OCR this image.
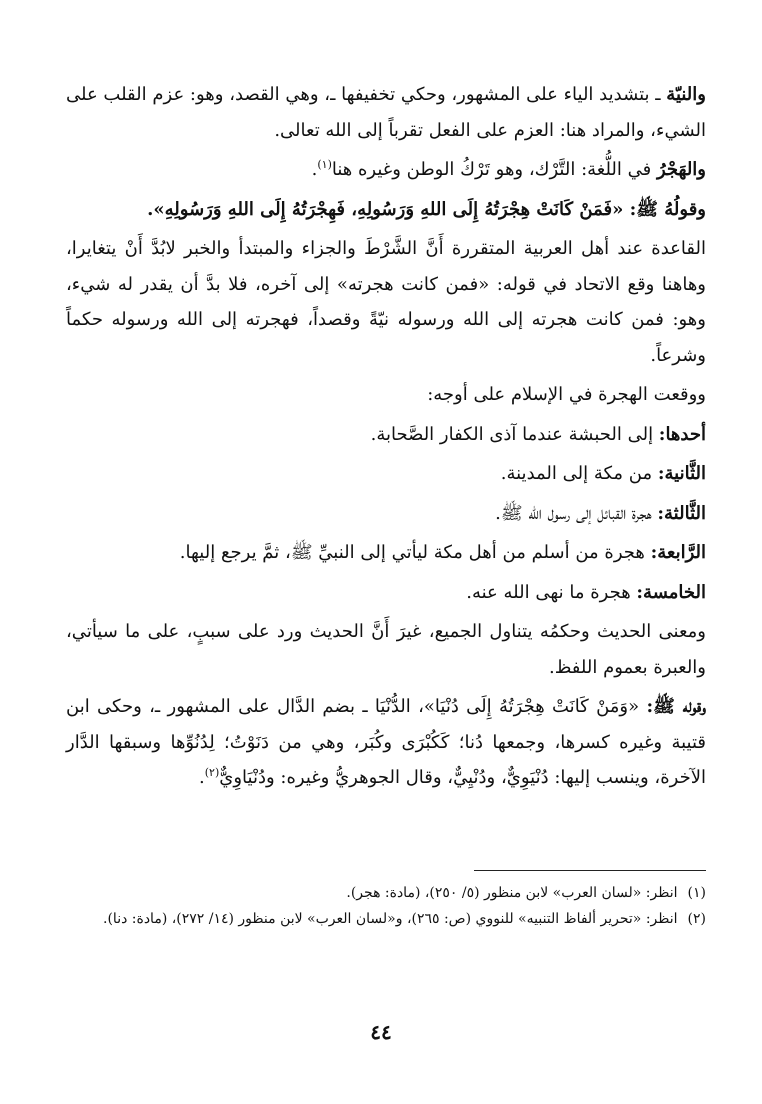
والنيّة ـ بتشديد الياء على المشهور، وحكي تخفيفها ـ، وهي القصد، وهو: عزم القلب على الشيء، والمراد هنا: العزم على الفعل تقرباً إلى الله تعالى.

والهَجْرُ في اللُّغة: التَّرْك، وهو تَرْكُ الوطن وغيره هنا$^{(١)}$.

وقولُهُ ﷺ: «فَمَنْ كَانَتْ هِجْرَتُهُ إِلَى اللهِ وَرَسُولِهِ، فَهِجْرَتُهُ إِلَى اللهِ وَرَسُولِهِ».

القاعدة عند أهل العربية المتقررة أَنَّ الشَّرْطَ والجزاء والمبتدأ والخبر لابُدَّ أَنْ يتغايرا، وهاهنا وقع الاتحاد في قوله: «فمن كانت هجرته» إلى آخره، فلا بدَّ أن يقدر له شيء، وهو: فمن كانت هجرته إلى الله ورسوله نيّةً وقصداً، فهجرته إلى الله ورسوله حكماً وشرعاً.

ووقعت الهجرة في الإسلام على أوجه:

أحدها: إلى الحبشة عندما آذى الكفار الصَّحابة.

الثَّانية: من مكة إلى المدينة.

الثَّالثة: هجرة القبائل إلى رسول الله ﷺ.

الرَّابعة: هجرة من أسلم من أهل مكة ليأتي إلى النبيِّ ﷺ، ثمَّ يرجع إليها.

الخامسة: هجرة ما نهى الله عنه.

ومعنى الحديث وحكمُه يتناول الجميع، غيرَ أَنَّ الحديث ورد على سببٍ، على ما سيأتي، والعبرة بعموم اللفظ.

وقوله ﷺ: «وَمَنْ كَانَتْ هِجْرَتُهُ إِلَى دُنْيَا»، الدُّنْيَا ـ بضم الدَّال على المشهور ـ، وحكى ابن قتيبة وغيره كسرها، وجمعها دُنا؛ كَكُبْرَى وكُبَر، وهي من دَنَوْتُ؛ لِدُنُوِّها وسبقها الدَّار الآخرة، وينسب إليها: دُنْيَوِيٌّ، ودُنْيِيٌّ، وقال الجوهريُّ وغيره: ودُنْيَاوِيٌّ$^{(٢)}$.

(١)
انظر: «لسان العرب» لابن منظور (٥/ ٢٥٠)، (مادة: هجر).
(٢)
انظر: «تحرير ألفاظ التنبيه» للنووي (ص: ٢٦٥)، و«لسان العرب» لابن منظور (١٤/ ٢٧٢)، (مادة: دنا).
٤٤
